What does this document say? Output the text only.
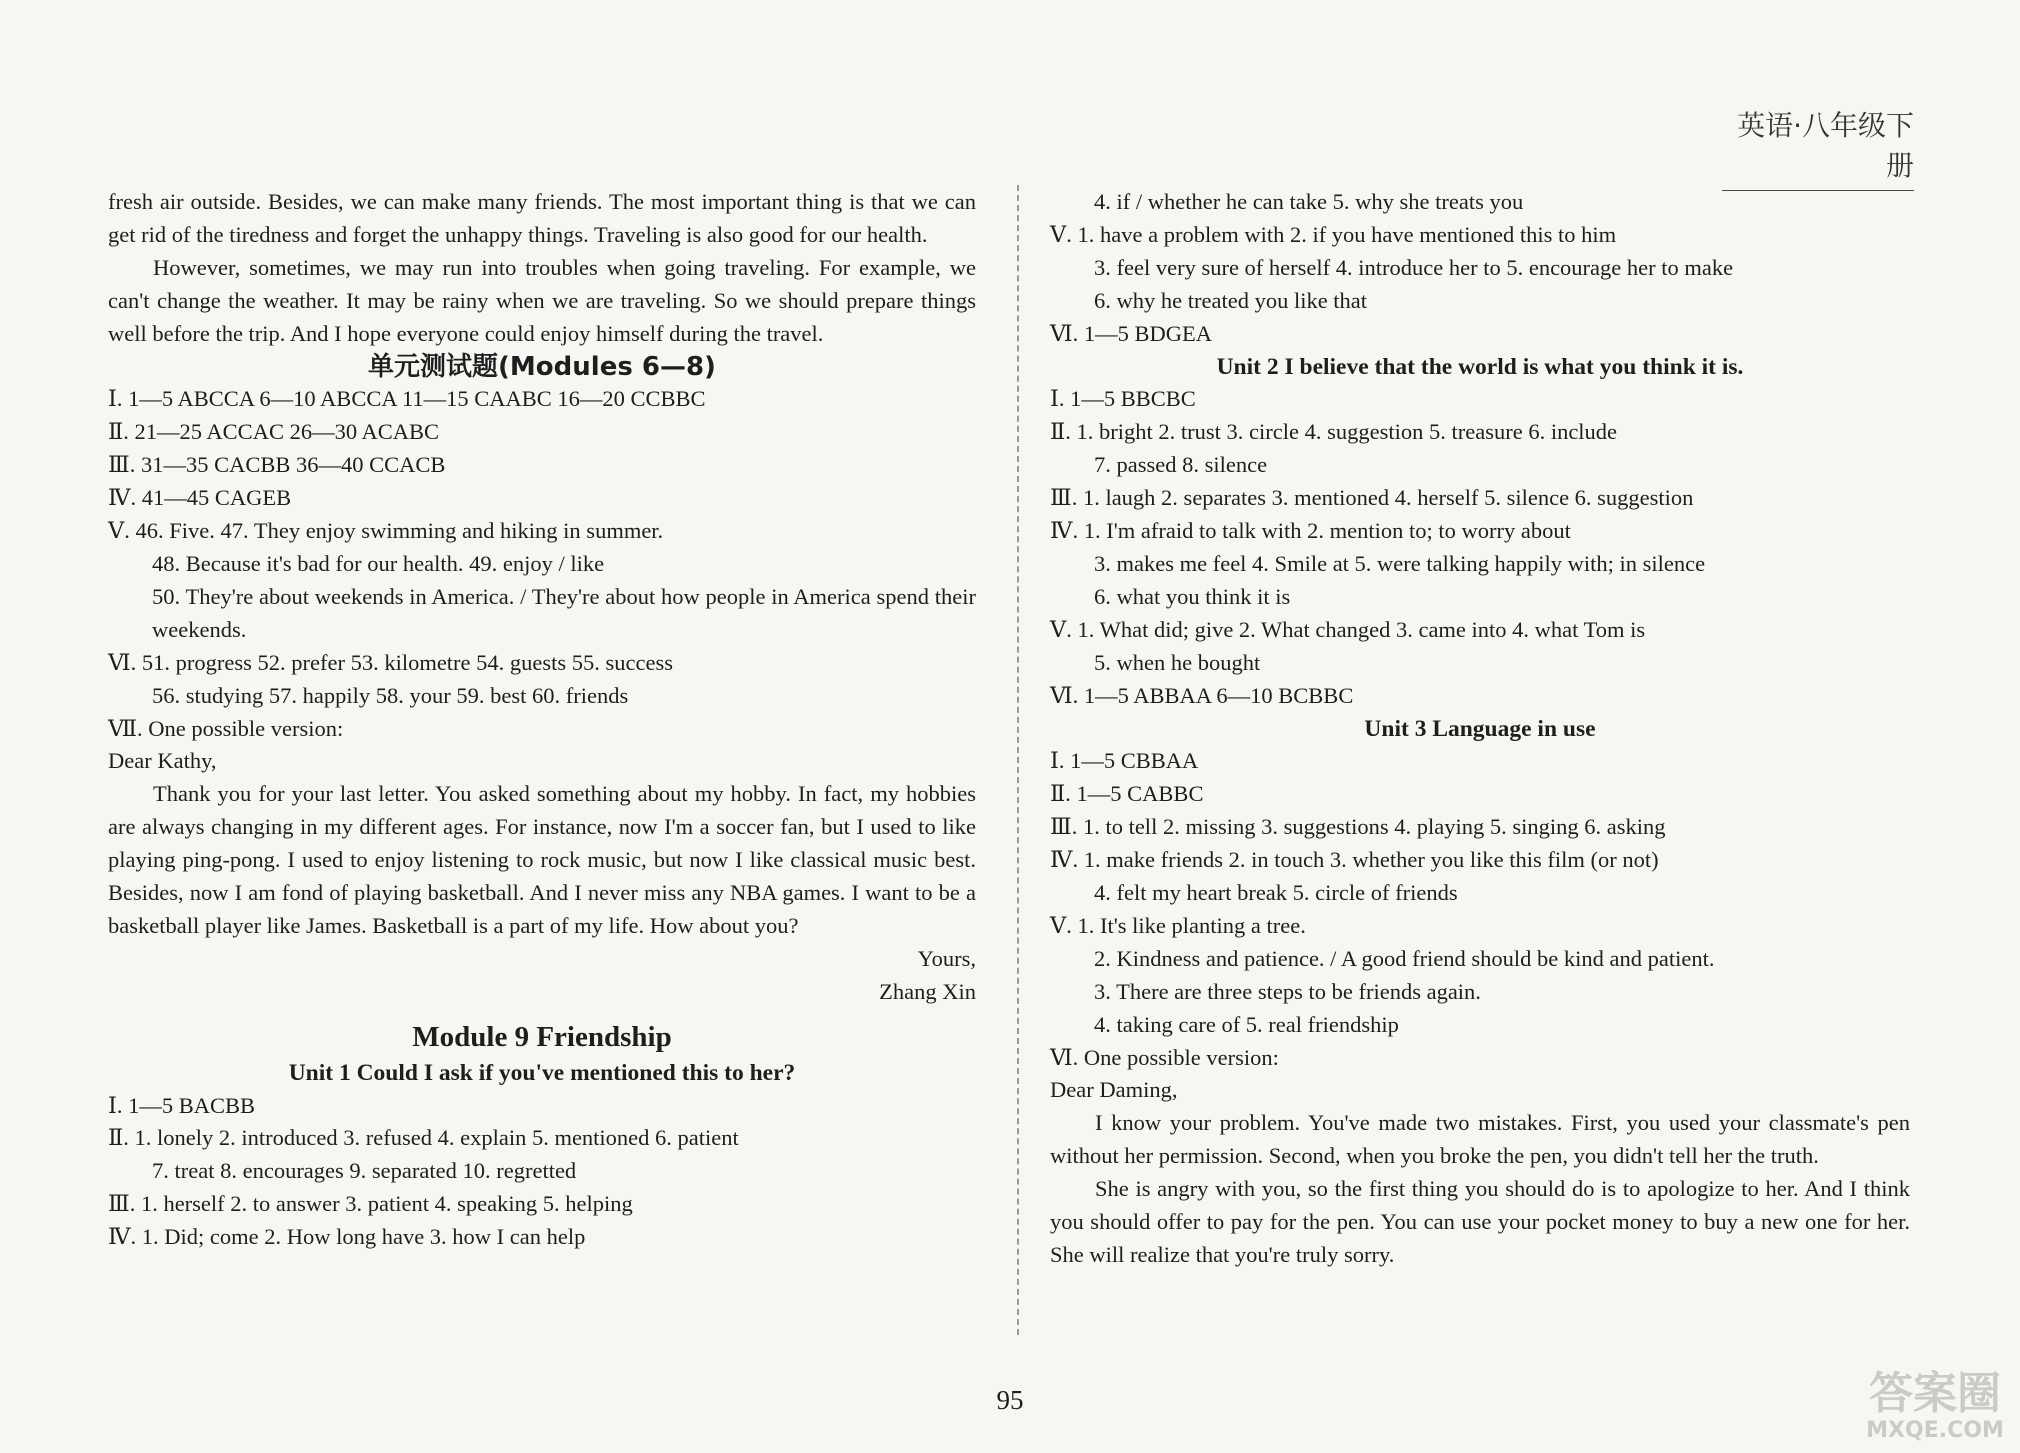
英语·八年级下册
fresh air outside. Besides, we can make many friends. The most important thing is that we can get rid of the tiredness and forget the unhappy things. Traveling is also good for our health.
However, sometimes, we may run into troubles when going traveling. For example, we can't change the weather. It may be rainy when we are traveling. So we should prepare things well before the trip. And I hope everyone could enjoy himself during the travel.
单元测试题(Modules 6—8)
Ⅰ. 1—5 ABCCA 6—10 ABCCA 11—15 CAABC 16—20 CCBBC
Ⅱ. 21—25 ACCAC 26—30 ACABC
Ⅲ. 31—35 CACBB 36—40 CCACB
Ⅳ. 41—45 CAGEB
Ⅴ. 46. Five. 47. They enjoy swimming and hiking in summer.
48. Because it's bad for our health. 49. enjoy / like
50. They're about weekends in America. / They're about how people in America spend their weekends.
Ⅵ. 51. progress 52. prefer 53. kilometre 54. guests 55. success
56. studying 57. happily 58. your 59. best 60. friends
Ⅶ. One possible version:
Dear Kathy,
Thank you for your last letter. You asked something about my hobby. In fact, my hobbies are always changing in my different ages. For instance, now I'm a soccer fan, but I used to like playing ping-pong. I used to enjoy listening to rock music, but now I like classical music best. Besides, now I am fond of playing basketball. And I never miss any NBA games. I want to be a basketball player like James. Basketball is a part of my life. How about you?
Yours,
Zhang Xin
Module 9 Friendship
Unit 1 Could I ask if you've mentioned this to her?
Ⅰ. 1—5 BACBB
Ⅱ. 1. lonely 2. introduced 3. refused 4. explain 5. mentioned 6. patient
7. treat 8. encourages 9. separated 10. regretted
Ⅲ. 1. herself 2. to answer 3. patient 4. speaking 5. helping
Ⅳ. 1. Did; come 2. How long have 3. how I can help
4. if / whether he can take 5. why she treats you
Ⅴ. 1. have a problem with 2. if you have mentioned this to him
3. feel very sure of herself 4. introduce her to 5. encourage her to make
6. why he treated you like that
Ⅵ. 1—5 BDGEA
Unit 2 I believe that the world is what you think it is.
Ⅰ. 1—5 BBCBC
Ⅱ. 1. bright 2. trust 3. circle 4. suggestion 5. treasure 6. include
7. passed 8. silence
Ⅲ. 1. laugh 2. separates 3. mentioned 4. herself 5. silence 6. suggestion
Ⅳ. 1. I'm afraid to talk with 2. mention to; to worry about
3. makes me feel 4. Smile at 5. were talking happily with; in silence
6. what you think it is
Ⅴ. 1. What did; give 2. What changed 3. came into 4. what Tom is
5. when he bought
Ⅵ. 1—5 ABBAA 6—10 BCBBC
Unit 3 Language in use
Ⅰ. 1—5 CBBAA
Ⅱ. 1—5 CABBC
Ⅲ. 1. to tell 2. missing 3. suggestions 4. playing 5. singing 6. asking
Ⅳ. 1. make friends 2. in touch 3. whether you like this film (or not)
4. felt my heart break 5. circle of friends
Ⅴ. 1. It's like planting a tree.
2. Kindness and patience. / A good friend should be kind and patient.
3. There are three steps to be friends again.
4. taking care of 5. real friendship
Ⅵ. One possible version:
Dear Daming,
I know your problem. You've made two mistakes. First, you used your classmate's pen without her permission. Second, when you broke the pen, you didn't tell her the truth.
She is angry with you, so the first thing you should do is to apologize to her. And I think you should offer to pay for the pen. You can use your pocket money to buy a new one for her. She will realize that you're truly sorry.
95	答案圈
MXQE.COM
